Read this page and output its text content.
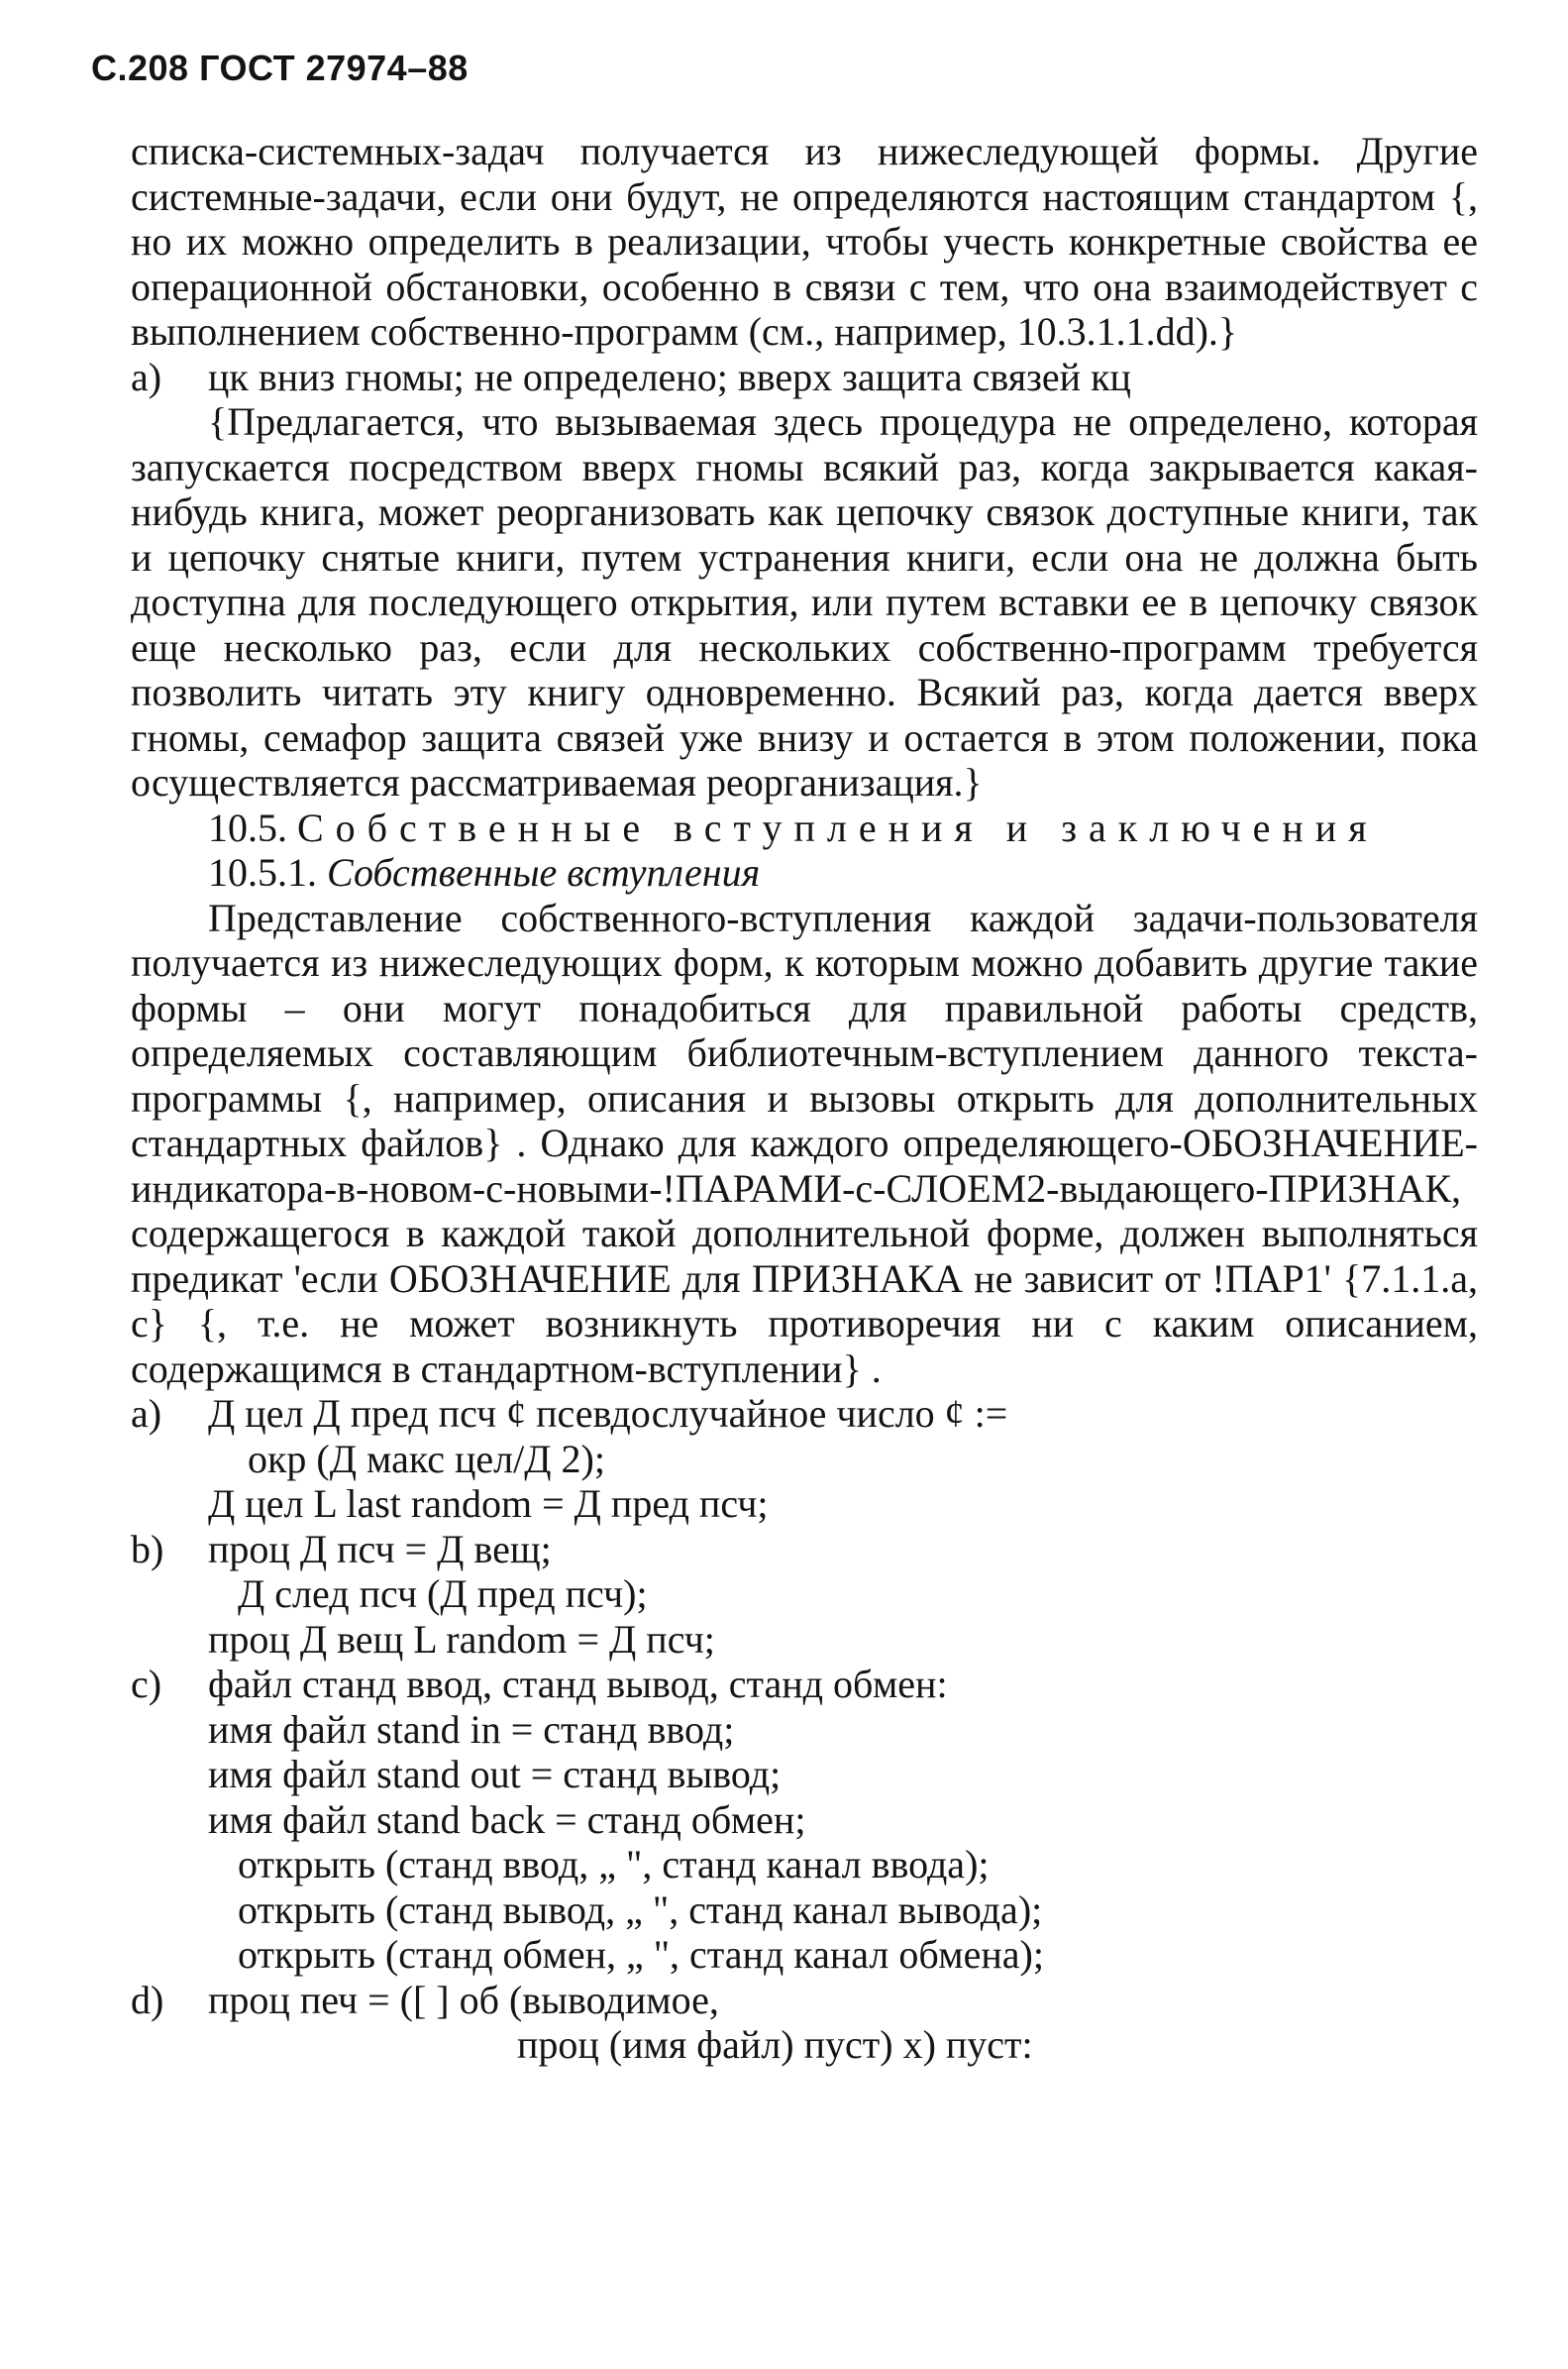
С.208 ГОСТ 27974–88

списка-системных-задач получается из нижеследующей формы. Другие системные-задачи, если они будут, не определяются настоящим стандартом {, но их можно определить в реализации, чтобы учесть конкретные свойства ее операционной обстановки, особенно в связи с тем, что она взаимодействует с выполнением собственно-программ (см., например, 10.3.1.1.dd).}

а)	цк вниз гномы; не определено; вверх защита связей кц

{Предлагается, что вызываемая здесь процедура не определено, которая запускается посредством вверх гномы всякий раз, когда закрывается какая-нибудь книга, может реорганизовать как цепочку связок доступные книги, так и цепочку снятые книги, путем устранения книги, если она не должна быть доступна для последующего открытия, или путем вставки ее в цепочку связок еще несколько раз, если для нескольких собственно-программ требуется позволить читать эту книгу одновременно. Всякий раз, когда дается вверх гномы, семафор защита связей уже внизу и остается в этом положении, пока осуществляется рассматриваемая реорганизация.}

10.5. Собственные вступления и заключения
10.5.1. Собственные вступления

Представление собственного-вступления каждой задачи-пользователя получается из нижеследующих форм, к которым можно добавить другие такие формы – они могут понадобиться для правильной работы средств, определяемых составляющим библиотечным-вступлением данного текста-программы {, например, описания и вызовы открыть для дополнительных стандартных файлов} . Однако для каждого определяющего-ОБОЗНАЧЕНИЕ-индикатора-в-новом-с-новыми-!ПАРАМИ-с-СЛОЕМ2-выдающего-ПРИЗНАК, содержащегося в каждой такой дополнительной форме, должен выполняться предикат 'если ОБОЗНАЧЕНИЕ для ПРИЗНАКА не зависит от !ПАР1' {7.1.1.а, с} {, т.е. не может возникнуть противоречия ни с каким описанием, содержащимся в стандартном-вступлении} .

а)	Д цел Д пред псч ¢ псевдослучайное число ¢ :=
окр (Д макс цел/Д 2);
Д цел L last random = Д пред псч;
b)	проц Д псч = Д вещ;
Д след псч (Д пред псч);
проц Д вещ L random = Д псч;
с)	файл станд ввод, станд вывод, станд обмен:
имя файл stand in = станд ввод;
имя файл stand out = станд вывод;
имя файл stand back = станд обмен;
открыть (станд ввод, „ ", станд канал ввода);
открыть (станд вывод, „ ", станд канал вывода);
открыть (станд обмен, „ ", станд канал обмена);
d)	проц печ = ([ ] об (выводимое,
проц (имя файл) пуст) х) пуст:
